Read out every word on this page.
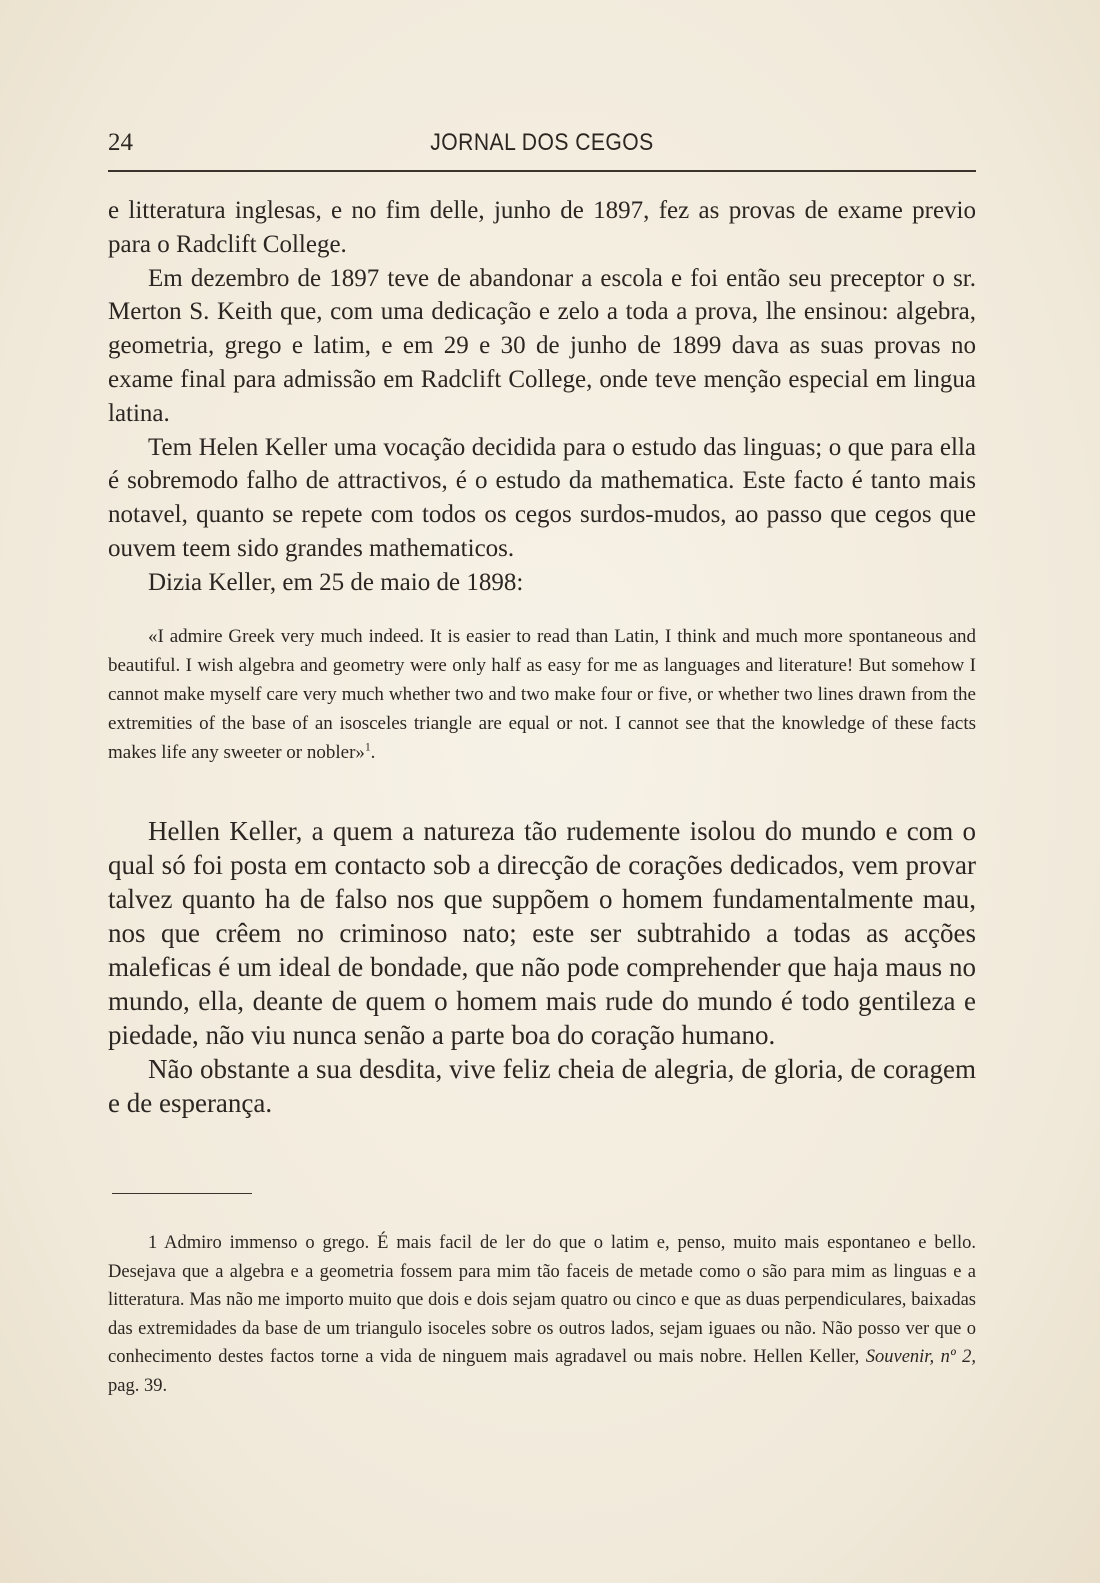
24	JORNAL DOS CEGOS

e litteratura inglesas, e no fim delle, junho de 1897, fez as provas de exame previo para o Radclift College.

Em dezembro de 1897 teve de abandonar a escola e foi então seu preceptor o sr. Merton S. Keith que, com uma dedicação e zelo a toda a prova, lhe ensinou: algebra, geometria, grego e latim, e em 29 e 30 de junho de 1899 dava as suas provas no exame final para admissão em Radclift College, onde teve menção especial em lingua latina.

Tem Helen Keller uma vocação decidida para o estudo das linguas; o que para ella é sobremodo falho de attractivos, é o estudo da mathematica. Este facto é tanto mais notavel, quanto se repete com todos os cegos surdos-mudos, ao passo que cegos que ouvem teem sido grandes mathematicos.

Dizia Keller, em 25 de maio de 1898:

«I admire Greek very much indeed. It is easier to read than Latin, I think and much more spontaneous and beautiful. I wish algebra and geometry were only half as easy for me as languages and literature! But somehow I cannot make myself care very much whether two and two make four or five, or whether two lines drawn from the extremities of the base of an isosceles triangle are equal or not. I cannot see that the knowledge of these facts makes life any sweeter or nobler»$^1$.

Hellen Keller, a quem a natureza tão rudemente isolou do mundo e com o qual só foi posta em contacto sob a direcção de corações dedicados, vem provar talvez quanto ha de falso nos que suppõem o homem fundamentalmente mau, nos que crêem no criminoso nato; este ser subtrahido a todas as acções maleficas é um ideal de bondade, que não pode comprehender que haja maus no mundo, ella, deante de quem o homem mais rude do mundo é todo gentileza e piedade, não viu nunca senão a parte boa do coração humano.

Não obstante a sua desdita, vive feliz cheia de alegria, de gloria, de coragem e de esperança.

1 Admiro immenso o grego. É mais facil de ler do que o latim e, penso, muito mais espontaneo e bello. Desejava que a algebra e a geometria fossem para mim tão faceis de metade como o são para mim as linguas e a litteratura. Mas não me importo muito que dois e dois sejam quatro ou cinco e que as duas perpendiculares, baixadas das extremidades da base de um triangulo isoceles sobre os outros lados, sejam iguaes ou não. Não posso ver que o conhecimento destes factos torne a vida de ninguem mais agradavel ou mais nobre. Hellen Keller, Souvenir, nº 2, pag. 39.
